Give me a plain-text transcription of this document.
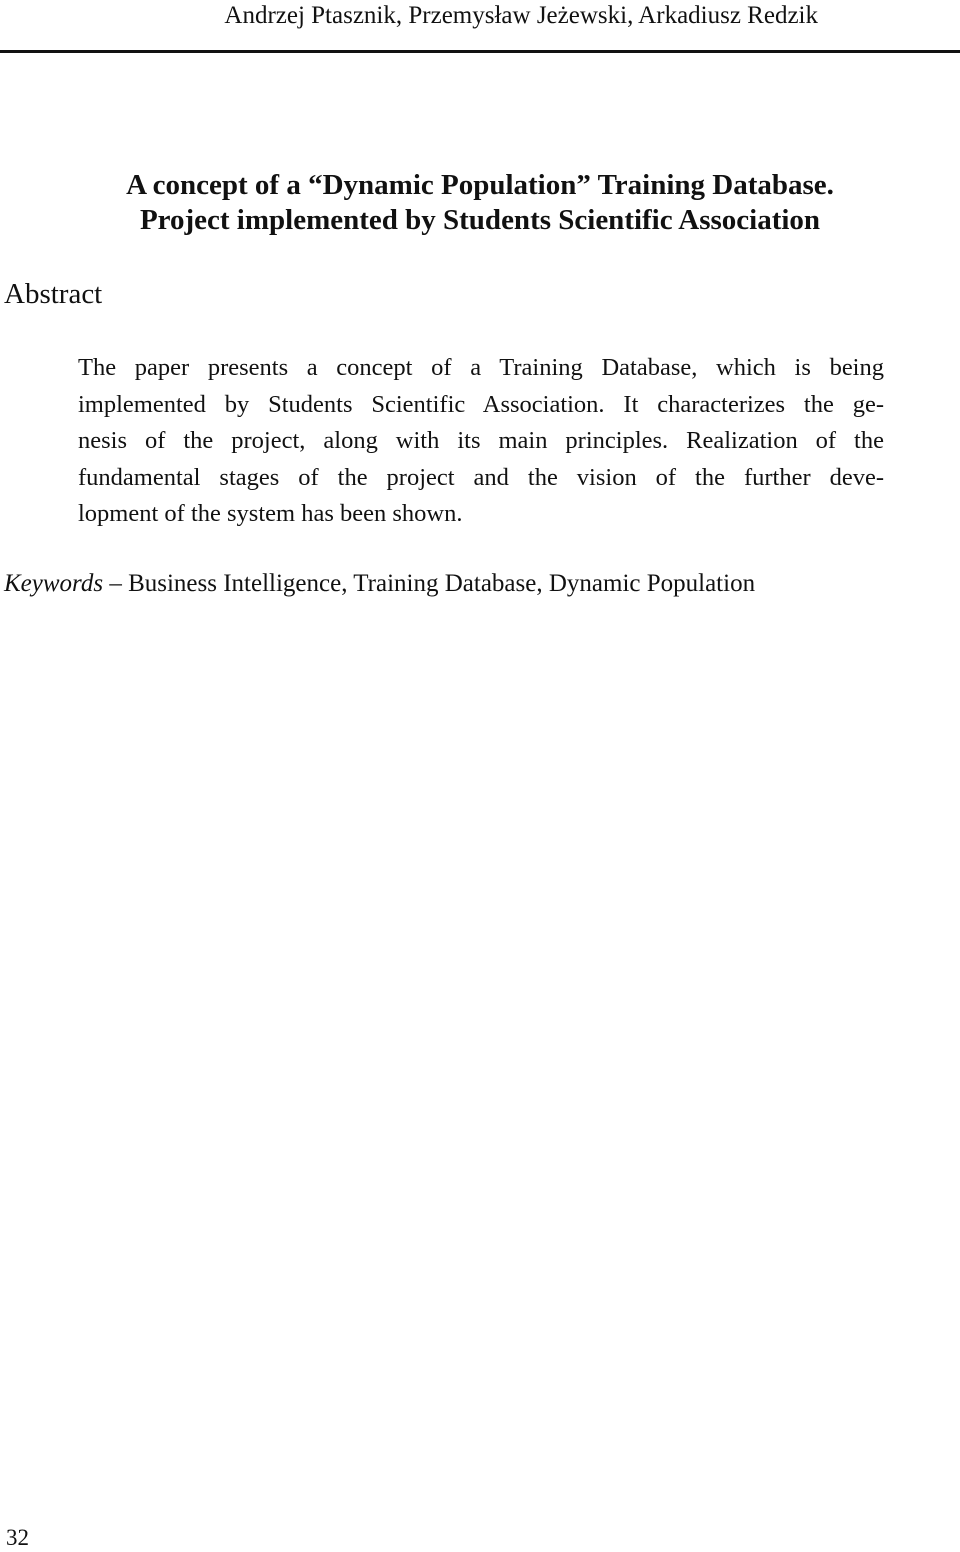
Andrzej Ptasznik, Przemysław Jeżewski, Arkadiusz Redzik
A concept of a “Dynamic Population” Training Database.
Project implemented by Students Scientific Association
Abstract
The paper presents a concept of a Training Database, which is being
implemented by Students Scientific Association. It characterizes the ge-
nesis of the project, along with its main principles. Realization of the
fundamental stages of the project and the vision of the further deve-
lopment of the system has been shown.
Keywords – Business Intelligence, Training Database, Dynamic Population
32
